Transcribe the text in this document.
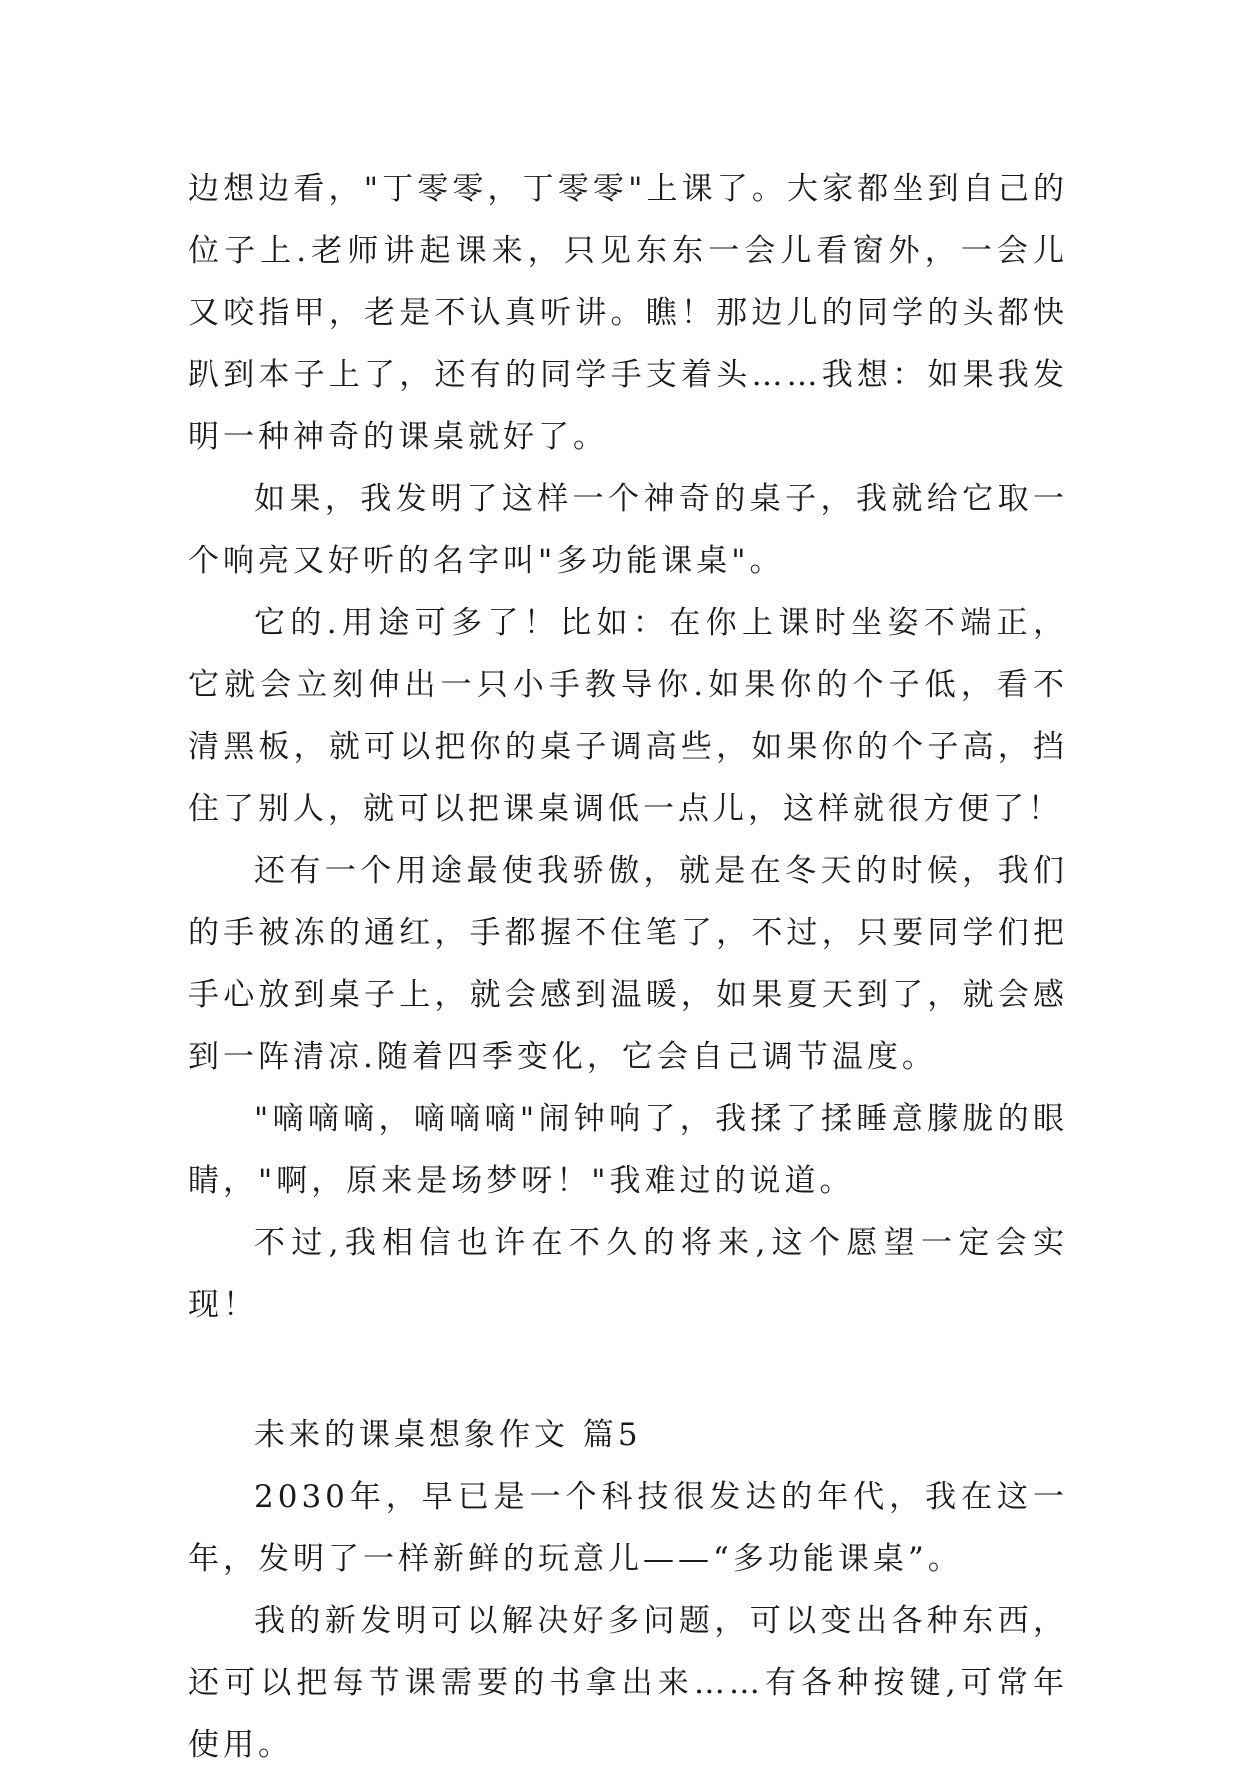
边想边看，"丁零零，丁零零"上课了。大家都坐到自己的位子上.老师讲起课来，只见东东一会儿看窗外，一会儿又咬指甲，老是不认真听讲。瞧！那边儿的同学的头都快趴到本子上了，还有的同学手支着头……我想：如果我发明一种神奇的课桌就好了。

如果，我发明了这样一个神奇的桌子，我就给它取一个响亮又好听的名字叫"多功能课桌"。

它的.用途可多了！比如：在你上课时坐姿不端正，它就会立刻伸出一只小手教导你.如果你的个子低，看不清黑板，就可以把你的桌子调高些，如果你的个子高，挡住了别人，就可以把课桌调低一点儿，这样就很方便了！

还有一个用途最使我骄傲，就是在冬天的时候，我们的手被冻的通红，手都握不住笔了，不过，只要同学们把手心放到桌子上，就会感到温暖，如果夏天到了，就会感到一阵清凉.随着四季变化，它会自己调节温度。

"嘀嘀嘀，嘀嘀嘀"闹钟响了，我揉了揉睡意朦胧的眼睛，"啊，原来是场梦呀！"我难过的说道。

不过,我相信也许在不久的将来,这个愿望一定会实现！

未来的课桌想象作文 篇5

2030年，早已是一个科技很发达的年代，我在这一年，发明了一样新鲜的玩意儿——“多功能课桌”。

我的新发明可以解决好多问题，可以变出各种东西，还可以把每节课需要的书拿出来……有各种按键,可常年使用。
